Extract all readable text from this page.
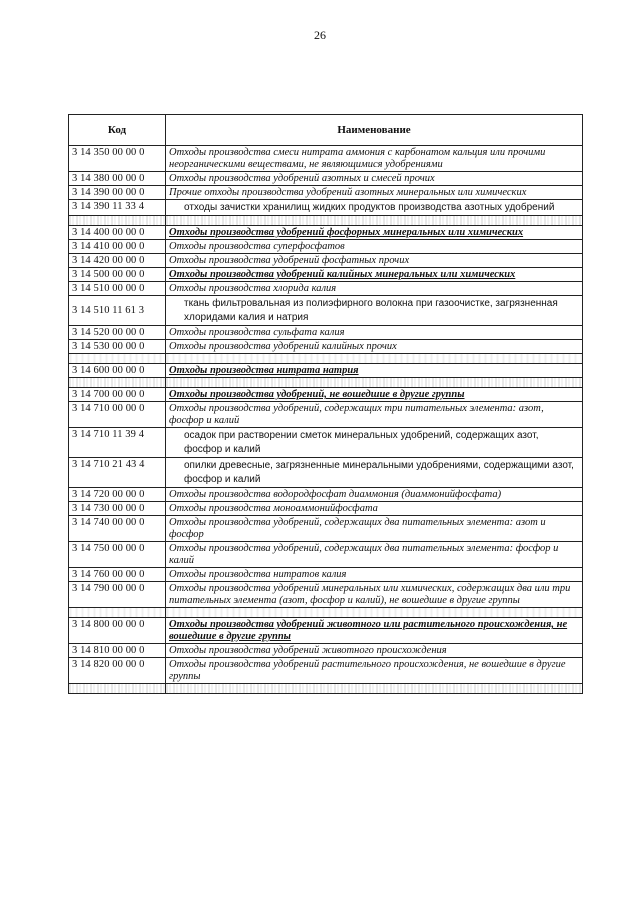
26
Код	Наименование
3 14 350 00 00 0	Отходы производства смеси нитрата аммония с карбонатом кальция или прочими неорганическими веществами, не являющимися удобрениями
3 14 380 00 00 0	Отходы производства удобрений азотных и смесей прочих
3 14 390 00 00 0	Прочие отходы производства удобрений азотных минеральных или химических
3 14 390 11 33 4	отходы зачистки хранилищ жидких продуктов производства азотных удобрений

3 14 400 00 00 0	Отходы производства удобрений фосфорных минеральных или химических
3 14 410 00 00 0	Отходы производства суперфосфатов
3 14 420 00 00 0	Отходы производства удобрений фосфатных прочих
3 14 500 00 00 0	Отходы производства удобрений калийных минеральных или химических
3 14 510 00 00 0	Отходы производства хлорида калия
3 14 510 11 61 3	ткань фильтровальная из полиэфирного волокна при газоочистке, загрязненная хлоридами калия и натрия
3 14 520 00 00 0	Отходы производства сульфата калия
3 14 530 00 00 0	Отходы производства удобрений калийных прочих

3 14 600 00 00 0	Отходы производства нитрата натрия

3 14 700 00 00 0	Отходы производства удобрений, не вошедшие в другие группы
3 14 710 00 00 0	Отходы производства удобрений, содержащих три питательных элемента: азот, фосфор и калий
3 14 710 11 39 4	осадок при растворении сметок минеральных удобрений, содержащих азот, фосфор и калий
3 14 710 21 43 4	опилки древесные, загрязненные минеральными удобрениями, содержащими азот, фосфор и калий
3 14 720 00 00 0	Отходы производства водородфосфат диаммония (диаммонийфосфата)
3 14 730 00 00 0	Отходы производства моноаммонийфосфата
3 14 740 00 00 0	Отходы производства удобрений, содержащих два питательных элемента: азот и фосфор
3 14 750 00 00 0	Отходы производства удобрений, содержащих два питательных элемента: фосфор и калий
3 14 760 00 00 0	Отходы производства нитратов калия
3 14 790 00 00 0	Отходы производства удобрений минеральных или химических, содержащих два или три питательных элемента (азот, фосфор и калий), не вошедшие в другие группы

3 14 800 00 00 0	Отходы производства удобрений животного или растительного происхождения, не вошедшие в другие группы
3 14 810 00 00 0	Отходы производства удобрений животного происхождения
3 14 820 00 00 0	Отходы производства удобрений растительного происхождения, не вошедшие в другие группы
